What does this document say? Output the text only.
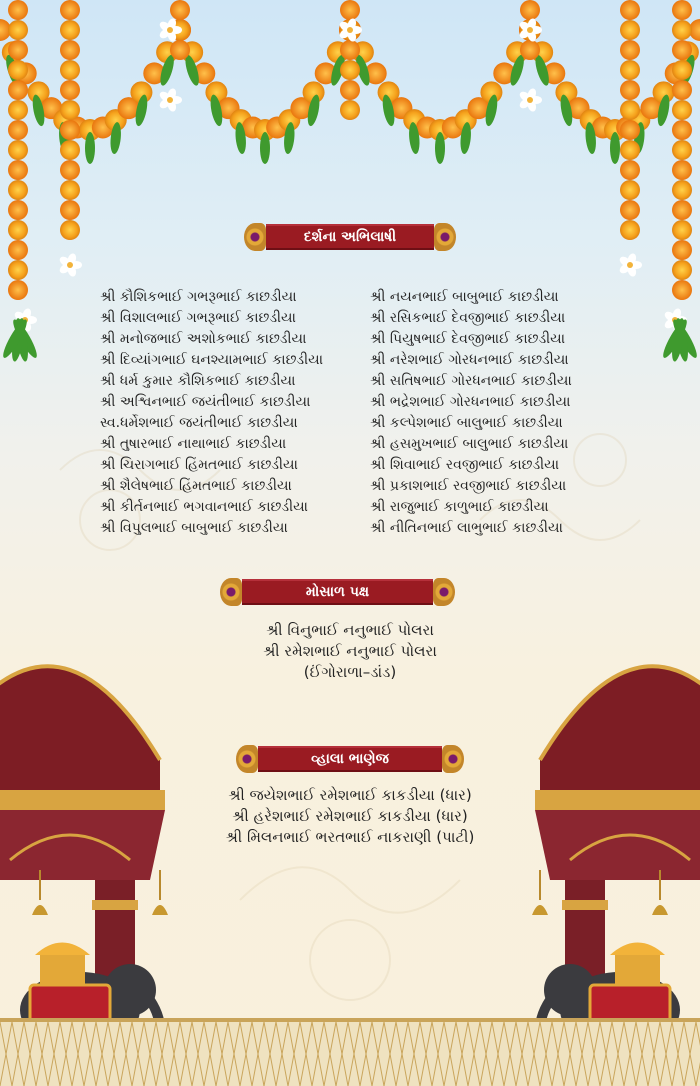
દર્શના અભિલાષી
શ્રી કૌશિકભાઈ ગભરૂભાઈ કાછડીયા
શ્રી વિશાલભાઈ ગભરૂભાઈ કાછડીયા
શ્રી મનોજભાઈ અશોકભાઈ કાછડીયા
શ્રી દિવ્યાંગભાઈ ઘનશ્યામભાઈ કાછડીયા
શ્રી ધર્મ કુમાર કૌશિકભાઈ કાછડીયા
શ્રી અશ્વિનભાઈ જયંતીભાઈ કાછડીયા
સ્વ.ધર્મેશભાઈ જયંતીભાઈ કાછડીયા
શ્રી તુષારભાઈ નાથાભાઈ કાછડીયા
શ્રી ચિરાગભાઈ હિંમતભાઈ કાછડીયા
શ્રી શૈલેષભાઈ હિંમતભાઈ કાછડીયા
શ્રી કીર્તનભાઈ ભગવાનભાઈ કાછડીયા
શ્રી વિપુલભાઈ બાબુભાઈ કાછડીયા
શ્રી નયનભાઈ બાબુભાઈ કાછડીયા
શ્રી રસિકભાઈ દેવજીભાઈ કાછડીયા
શ્રી પિયુષભાઈ દેવજીભાઈ કાછડીયા
શ્રી નરેશભાઈ ગોરધનભાઈ કાછડીયા
શ્રી સતિષભાઈ ગોરધનભાઈ કાછડીયા
શ્રી ભદ્રેશભાઈ ગોરધનભાઈ કાછડીયા
શ્રી કલ્પેશભાઈ બાલુભાઈ કાછડીયા
શ્રી હસમુખભાઈ બાલુભાઈ કાછડીયા
શ્રી શિવાભાઈ રવજીભાઈ કાછડીયા
શ્રી પ્રકાશભાઈ રવજીભાઈ કાછડીયા
શ્રી રાજુભાઈ કાળુભાઈ કાછડીયા
શ્રી નીતિનભાઈ લાભુભાઈ કાછડીયા
મોસાળ પક્ષ
શ્રી વિનુભાઈ નનુભાઈ પોલરા
શ્રી રમેશભાઈ નનુભાઈ પોલરા
(ઈંગોરાળા–ડાંડ)
વ્હાલા ભાણેજ
શ્રી જયેશભાઈ રમેશભાઈ કાકડીયા (ધાર)
શ્રી હરેશભાઈ રમેશભાઈ કાકડીયા (ધાર)
શ્રી મિલનભાઈ ભરતભાઈ નાકરાણી (પાટી)
